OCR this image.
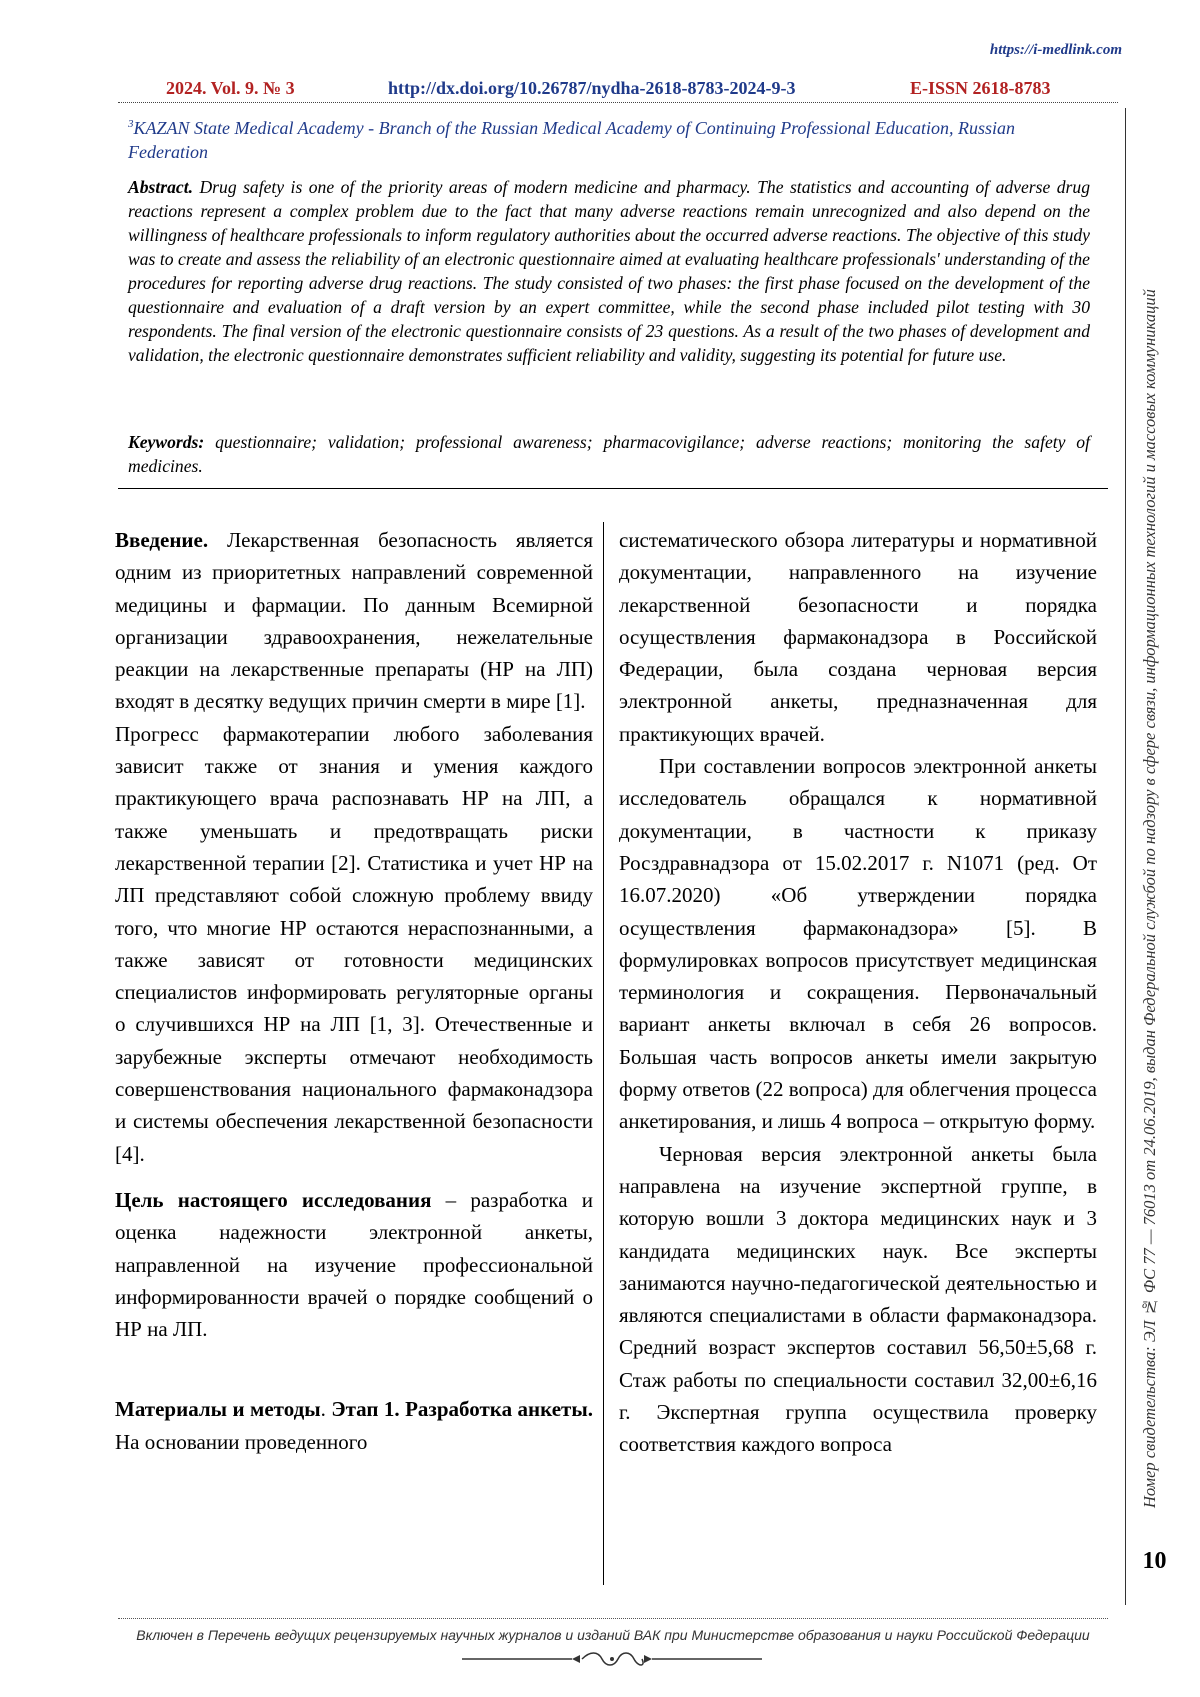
https://i-medlink.com
2024. Vol. 9. № 3	http://dx.doi.org/10.26787/nydha-2618-8783-2024-9-3	E-ISSN 2618-8783
$^3$KAZAN State Medical Academy - Branch of the Russian Medical Academy of Continuing Professional Education, Russian Federation
Abstract. Drug safety is one of the priority areas of modern medicine and pharmacy. The statistics and accounting of adverse drug reactions represent a complex problem due to the fact that many adverse reactions remain unrecognized and also depend on the willingness of healthcare professionals to inform regulatory authorities about the occurred adverse reactions. The objective of this study was to create and assess the reliability of an electronic questionnaire aimed at evaluating healthcare professionals' understanding of the procedures for reporting adverse drug reactions. The study consisted of two phases: the first phase focused on the development of the questionnaire and evaluation of a draft version by an expert committee, while the second phase included pilot testing with 30 respondents. The final version of the electronic questionnaire consists of 23 questions. As a result of the two phases of development and validation, the electronic questionnaire demonstrates sufficient reliability and validity, suggesting its potential for future use.
Keywords: questionnaire; validation; professional awareness; pharmacovigilance; adverse reactions; monitoring the safety of medicines.

Введение. Лекарственная безопасность является одним из приоритетных направлений современной медицины и фармации. По данным Всемирной организации здравоохранения, нежелательные реакции на лекарственные препараты (НР на ЛП) входят в десятку ведущих причин смерти в мире [1].

Прогресс фармакотерапии любого заболевания зависит также от знания и умения каждого практикующего врача распознавать НР на ЛП, а также уменьшать и предотвращать риски лекарственной терапии [2]. Статистика и учет НР на ЛП представляют собой сложную проблему ввиду того, что многие НР остаются нераспознанными, а также зависят от готовности медицинских специалистов информировать регуляторные органы о случившихся НР на ЛП [1, 3]. Отечественные и зарубежные эксперты отмечают необходимость совершенствования национального фармаконадзора и системы обеспечения лекарственной безопасности [4].

Цель настоящего исследования – разработка и оценка надежности электронной анкеты, направленной на изучение профессиональной информированности врачей о порядке сообщений о НР на ЛП.

Материалы и методы. Этап 1. Разработка анкеты. На основании проведенного

систематического обзора литературы и нормативной документации, направленного на изучение лекарственной безопасности и порядка осуществления фармаконадзора в Российской Федерации, была создана черновая версия электронной анкеты, предназначенная для практикующих врачей.

При составлении вопросов электронной анкеты исследователь обращался к нормативной документации, в частности к приказу Росздравнадзора от 15.02.2017 г. N1071 (ред. От 16.07.2020) «Об утверждении порядка осуществления фармаконадзора» [5]. В формулировках вопросов присутствует медицинская терминология и сокращения. Первоначальный вариант анкеты включал в себя 26 вопросов. Большая часть вопросов анкеты имели закрытую форму ответов (22 вопроса) для облегчения процесса анкетирования, и лишь 4 вопроса – открытую форму.

Черновая версия электронной анкеты была направлена на изучение экспертной группе, в которую вошли 3 доктора медицинских наук и 3 кандидата медицинских наук. Все эксперты занимаются научно-педагогической деятельностью и являются специалистами в области фармаконадзора. Средний возраст экспертов составил 56,50±5,68 г. Стаж работы по специальности составил 32,00±6,16 г. Экспертная группа осуществила проверку соответствия каждого вопроса	Номер свидетельства: ЭЛ № ФС 77 — 76013 от 24.06.2019, выдан Федеральной службой по надзору в сфере связи, информационных технологий и массовых коммуникаций
10
Включен в Перечень ведущих рецензируемых научных журналов и изданий ВАК при Министерстве образования и науки Российской Федерации
